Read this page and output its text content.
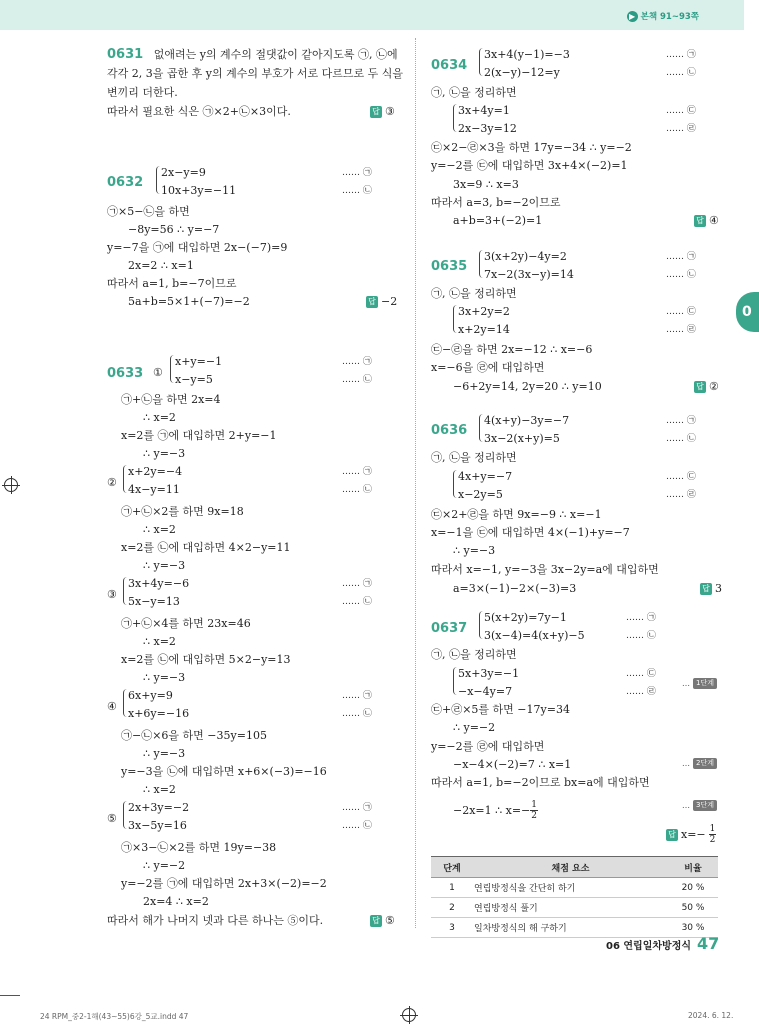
▶ 본책 91~93쪽
0
0631 없애려는 y의 계수의 절댓값이 같아지도록 ㉠, ㉡에
각각 2, 3을 곱한 후 y의 계수의 부호가 서로 다르므로 두 식을
변끼리 더한다.
따라서 필요한 식은 ㉠×2+㉡×3이다.	답 ③
0632
2x−y=9	…… ㉠
10x+3y=−11	…… ㉡
㉠×5−㉡을 하면
−8y=56 ∴ y=−7
y=−7을 ㉠에 대입하면 2x−(−7)=9
2x=2 ∴ x=1
따라서 a=1, b=−7이므로
5a+b=5×1+(−7)=−2	답 −2
0633 ①
x+y=−1	…… ㉠
x−y=5	…… ㉡
㉠+㉡을 하면 2x=4
∴ x=2
x=2를 ㉠에 대입하면 2+y=−1
∴ y=−3
②
x+2y=−4	…… ㉠
4x−y=11	…… ㉡
㉠+㉡×2를 하면 9x=18
∴ x=2
x=2를 ㉡에 대입하면 4×2−y=11
∴ y=−3
③
3x+4y=−6	…… ㉠
5x−y=13	…… ㉡
㉠+㉡×4를 하면 23x=46
∴ x=2
x=2를 ㉡에 대입하면 5×2−y=13
∴ y=−3
④
6x+y=9	…… ㉠
x+6y=−16	…… ㉡
㉠−㉡×6을 하면 −35y=105
∴ y=−3
y=−3을 ㉡에 대입하면 x+6×(−3)=−16
∴ x=2
⑤
2x+3y=−2	…… ㉠
3x−5y=16	…… ㉡
㉠×3−㉡×2를 하면 19y=−38
∴ y=−2
y=−2를 ㉠에 대입하면 2x+3×(−2)=−2
2x=4 ∴ x=2
따라서 해가 나머지 넷과 다른 하나는 ⑤이다.	답 ⑤
0634
3x+4(y−1)=−3	…… ㉠
2(x−y)−12=y	…… ㉡
㉠, ㉡을 정리하면
3x+4y=1	…… ㉢
2x−3y=12	…… ㉣
㉢×2−㉣×3을 하면 17y=−34 ∴ y=−2
y=−2를 ㉢에 대입하면 3x+4×(−2)=1
3x=9 ∴ x=3
따라서 a=3, b=−2이므로
a+b=3+(−2)=1	답 ④
0635
3(x+2y)−4y=2	…… ㉠
7x−2(3x−y)=14	…… ㉡
㉠, ㉡을 정리하면
3x+2y=2	…… ㉢
x+2y=14	…… ㉣
㉢−㉣을 하면 2x=−12 ∴ x=−6
x=−6을 ㉣에 대입하면
−6+2y=14, 2y=20 ∴ y=10	답 ②
0636
4(x+y)−3y=−7	…… ㉠
3x−2(x+y)=5	…… ㉡
㉠, ㉡을 정리하면
4x+y=−7	…… ㉢
x−2y=5	…… ㉣
㉢×2+㉣을 하면 9x=−9 ∴ x=−1
x=−1을 ㉢에 대입하면 4×(−1)+y=−7
∴ y=−3
따라서 x=−1, y=−3을 3x−2y=a에 대입하면
a=3×(−1)−2×(−3)=3	답 3
0637
5(x+2y)=7y−1	…… ㉠
3(x−4)=4(x+y)−5	…… ㉡
㉠, ㉡을 정리하면
5x+3y=−1	…… ㉢
−x−4y=7	…… ㉣
… 1단계
㉢+㉣×5를 하면 −17y=34
∴ y=−2
y=−2를 ㉣에 대입하면
−x−4×(−2)=7 ∴ x=1	… 2단계
따라서 a=1, b=−2이므로 bx=a에 대입하면
−2x=1 ∴ $x=- \frac{1}{2}$	… 3단계
답 $x=- \frac{1}{2}$
단계	채점 요소	비율
1	연립방정식을 간단히 하기	20 %
2	연립방정식 풀기	50 %
3	일차방정식의 해 구하기	30 %
06 연립일차방정식 47
24 RPM_중2-1해(43~55)6강_5교.indd 47	2024. 6. 12.
